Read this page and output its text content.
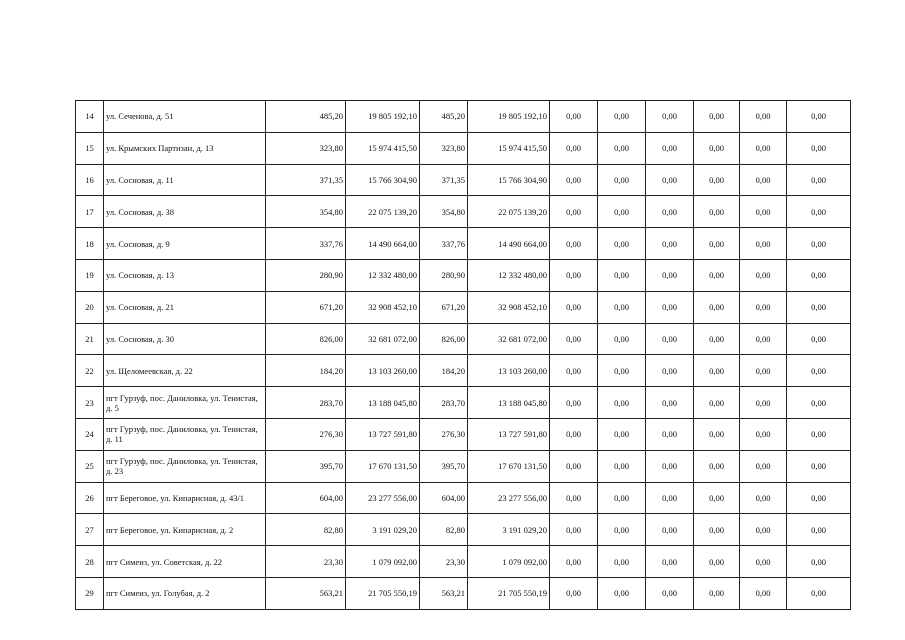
14	ул. Сеченова, д. 51	485,20	19 805 192,10	485,20	19 805 192,10	0,00	0,00	0,00	0,00	0,00	0,00
15	ул. Крымских Партизан, д. 13	323,80	15 974 415,50	323,80	15 974 415,50	0,00	0,00	0,00	0,00	0,00	0,00
16	ул. Сосновая, д. 11	371,35	15 766 304,90	371,35	15 766 304,90	0,00	0,00	0,00	0,00	0,00	0,00
17	ул. Сосновая, д. 38	354,80	22 075 139,20	354,80	22 075 139,20	0,00	0,00	0,00	0,00	0,00	0,00
18	ул. Сосновая, д. 9	337,76	14 490 664,00	337,76	14 490 664,00	0,00	0,00	0,00	0,00	0,00	0,00
19	ул. Сосновая, д. 13	280,90	12 332 480,00	280,90	12 332 480,00	0,00	0,00	0,00	0,00	0,00	0,00
20	ул. Сосновая, д. 21	671,20	32 908 452,10	671,20	32 908 452,10	0,00	0,00	0,00	0,00	0,00	0,00
21	ул. Сосновая, д. 30	826,00	32 681 072,00	826,00	32 681 072,00	0,00	0,00	0,00	0,00	0,00	0,00
22	ул. Щеломеевская, д. 22	184,20	13 103 260,00	184,20	13 103 260,00	0,00	0,00	0,00	0,00	0,00	0,00
23	пгт Гурзуф, пос. Даниловка, ул. Тенистая, д. 5	283,70	13 188 045,80	283,70	13 188 045,80	0,00	0,00	0,00	0,00	0,00	0,00
24	пгт Гурзуф, пос. Даниловка, ул. Тенистая, д. 11	276,30	13 727 591,80	276,30	13 727 591,80	0,00	0,00	0,00	0,00	0,00	0,00
25	пгт Гурзуф, пос. Даниловка, ул. Тенистая, д. 23	395,70	17 670 131,50	395,70	17 670 131,50	0,00	0,00	0,00	0,00	0,00	0,00
26	пгт Береговое, ул. Кипарисная, д. 43/1	604,00	23 277 556,00	604,00	23 277 556,00	0,00	0,00	0,00	0,00	0,00	0,00
27	пгт Береговое, ул. Кипарисная, д. 2	82,80	3 191 029,20	82,80	3 191 029,20	0,00	0,00	0,00	0,00	0,00	0,00
28	пгт Симеиз, ул. Советская, д. 22	23,30	1 079 092,00	23,30	1 079 092,00	0,00	0,00	0,00	0,00	0,00	0,00
29	пгт Симеиз, ул. Голубая, д. 2	563,21	21 705 550,19	563,21	21 705 550,19	0,00	0,00	0,00	0,00	0,00	0,00
